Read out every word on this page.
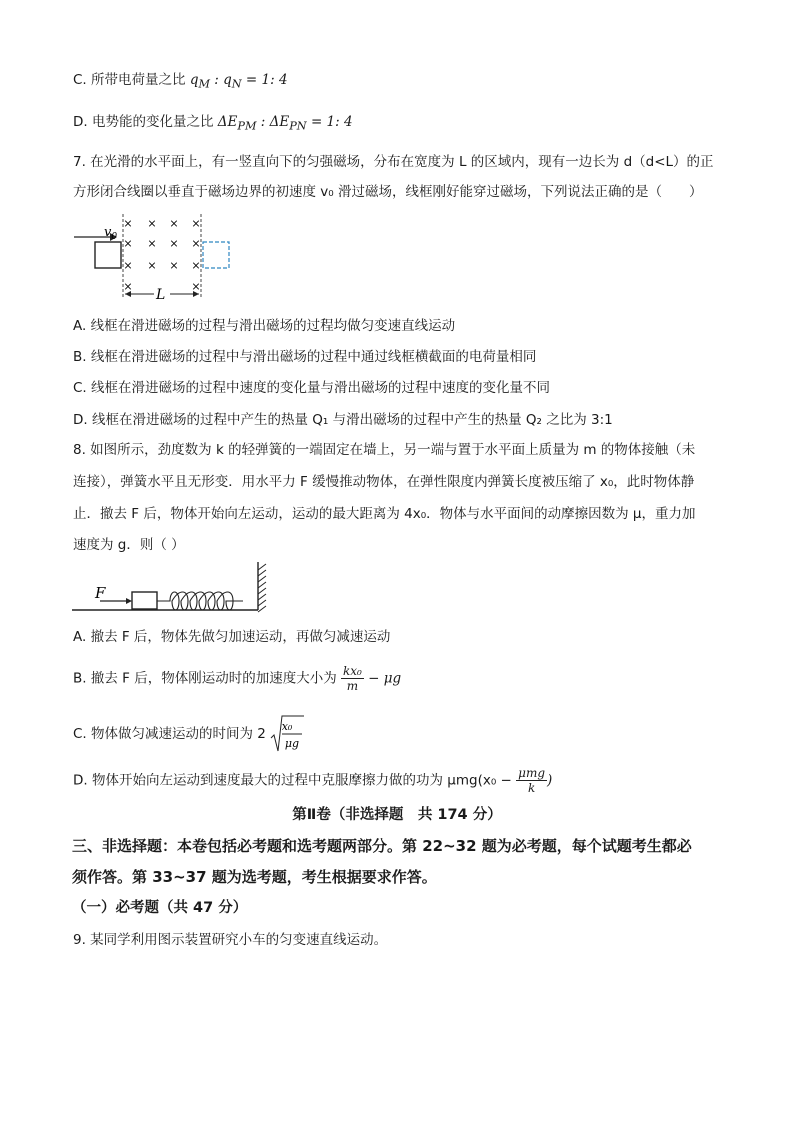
C. 所带电荷量之比 $q_M$ : $q_N = 1$: 4
D. 电势能的变化量之比 $\Delta E_{PM}$ : $\Delta E_{PN} = 1$: 4
7. 在光滑的水平面上，有一竖直向下的匀强磁场，分布在宽度为 L 的区域内，现有一边长为 d（d<L）的正
方形闭合线圈以垂直于磁场边界的初速度 v₀ 滑过磁场，线框刚好能穿过磁场，下列说法正确的是（　　）
$v_0$
× × × ×
× × × ×
× × × ×
×	×
L
A. 线框在滑进磁场的过程与滑出磁场的过程均做匀变速直线运动
B. 线框在滑进磁场的过程中与滑出磁场的过程中通过线框横截面的电荷量相同
C. 线框在滑进磁场的过程中速度的变化量与滑出磁场的过程中速度的变化量不同
D. 线框在滑进磁场的过程中产生的热量 Q₁ 与滑出磁场的过程中产生的热量 Q₂ 之比为 3:1
8. 如图所示，劲度数为 k 的轻弹簧的一端固定在墙上，另一端与置于水平面上质量为 m 的物体接触（未
连接），弹簧水平且无形变．用水平力 F 缓慢推动物体，在弹性限度内弹簧长度被压缩了 x₀，此时物体静
止．撤去 F 后，物体开始向左运动，运动的最大距离为 4x₀．物体与水平面间的动摩擦因数为 μ，重力加
速度为 g．则（ ）
F
A. 撤去 F 后，物体先做匀加速运动，再做匀减速运动
B. 撤去 F 后，物体刚运动时的加速度大小为 $\frac{\text{kx₀}}{m} - \mu g$
C. 物体做匀减速运动的时间为 2 x₀
μg
D. 物体开始向左运动到速度最大的过程中克服摩擦力做的功为 $\mu mg(x_0 - \frac{\text{μmg}}{k}$ )
第Ⅱ卷（非选择题　共 174 分）
三、非选择题：本卷包括必考题和选考题两部分。第 22~32 题为必考题，每个试题考生都必
须作答。第 33~37 题为选考题，考生根据要求作答。
（一）必考题（共 47 分）
9. 某同学利用图示装置研究小车的匀变速直线运动。
